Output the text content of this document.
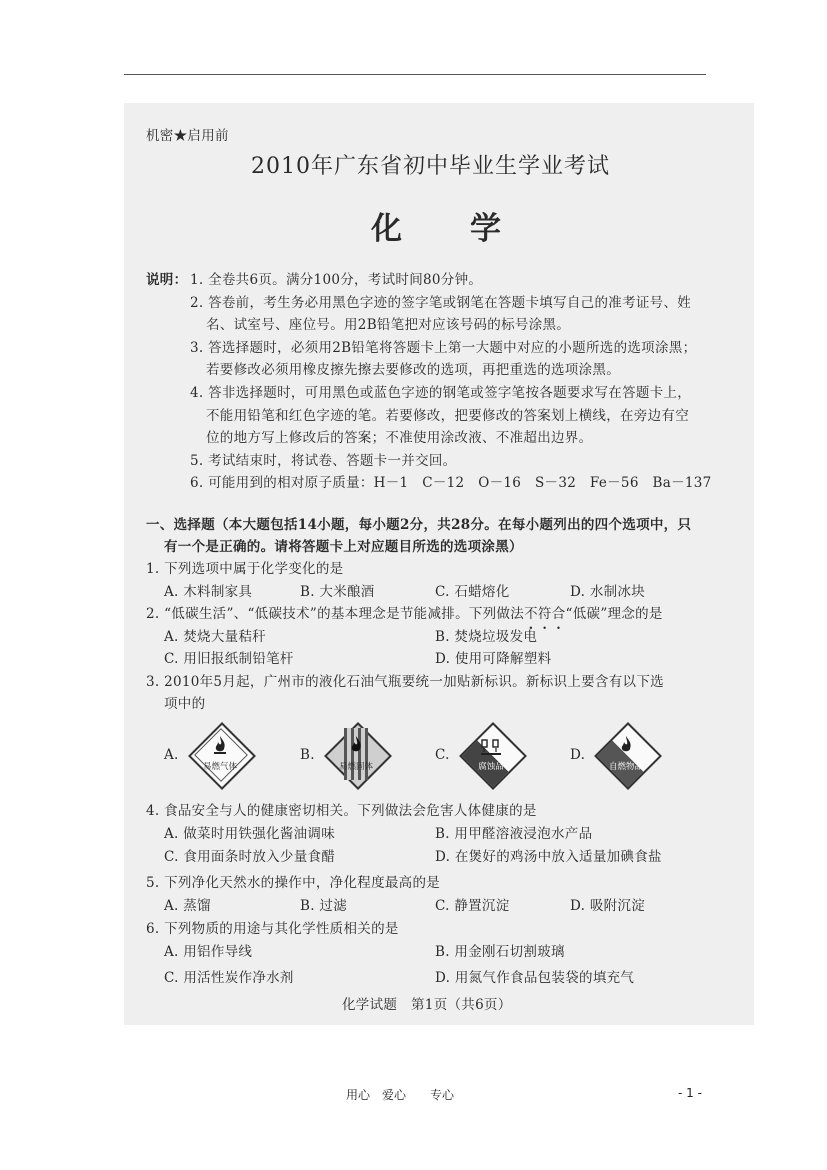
机密★启用前
2010年广东省初中毕业生学业考试
化　　学
说明： 1. 全卷共6页。满分100分，考试时间80分钟。
2. 答卷前，考生务必用黑色字迹的签字笔或钢笔在答题卡填写自己的准考证号、姓
名、试室号、座位号。用2B铅笔把对应该号码的标号涂黑。
3. 答选择题时，必须用2B铅笔将答题卡上第一大题中对应的小题所选的选项涂黑；
若要修改必须用橡皮擦先擦去要修改的选项，再把重选的选项涂黑。
4. 答非选择题时，可用黑色或蓝色字迹的钢笔或签字笔按各题要求写在答题卡上，
不能用铅笔和红色字迹的笔。若要修改，把要修改的答案划上横线，在旁边有空
位的地方写上修改后的答案；不准使用涂改液、不准超出边界。
5. 考试结束时，将试卷、答题卡一并交回。
6. 可能用到的相对原子质量：H－1　C－12　O－16　S－32　Fe－56　Ba－137
一、选择题（本大题包括14小题，每小题2分，共28分。在每小题列出的四个选项中，只
有一个是正确的。请将答题卡上对应题目所选的选项涂黑）
1. 下列选项中属于化学变化的是
A. 木料制家具	B. 大米酿酒	C. 石蜡熔化	D. 水制冰块
2. “低碳生活”、“低碳技术”的基本理念是节能减排。下列做法不符合“低碳”理念的是
A. 焚烧大量秸秆	B. 焚烧垃圾发电
C. 用旧报纸制铅笔杆	D. 使用可降解塑料
3. 2010年5月起，广州市的液化石油气瓶要统一加贴新标识。新标识上要含有以下选
项中的
A.
易燃气体
B.
易燃固体
C.
腐蚀品
D.
自燃物品
4. 食品安全与人的健康密切相关。下列做法会危害人体健康的是
A. 做菜时用铁强化酱油调味	B. 用甲醛溶液浸泡水产品
C. 食用面条时放入少量食醋	D. 在煲好的鸡汤中放入适量加碘食盐
5. 下列净化天然水的操作中，净化程度最高的是
A. 蒸馏	B. 过滤	C. 静置沉淀	D. 吸附沉淀
6. 下列物质的用途与其化学性质相关的是
A. 用铝作导线	B. 用金刚石切割玻璃
C. 用活性炭作净水剂	D. 用氮气作食品包装袋的填充气
化学试题　第1页（共6页）
用心　爱心　　专心	- 1 -
